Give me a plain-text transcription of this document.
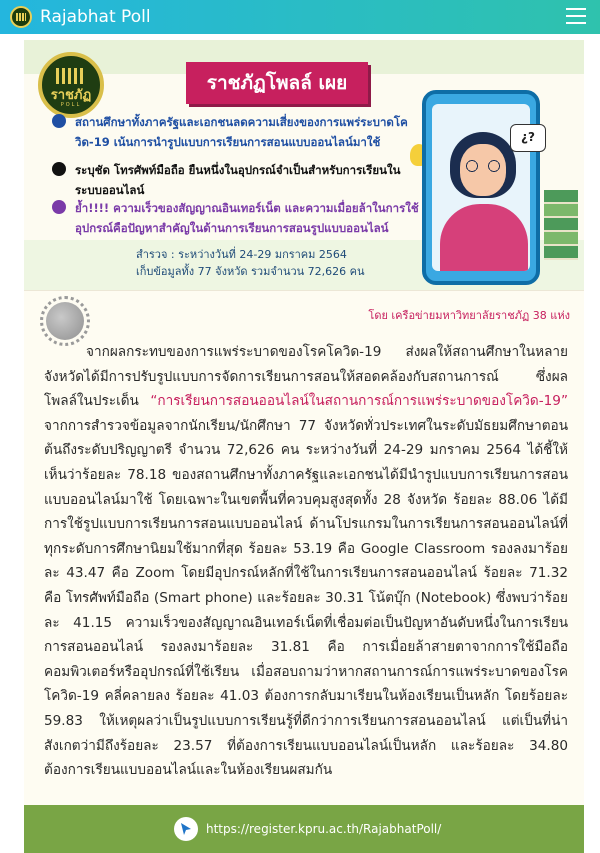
Rajabhat Poll
ราชภัฏ
POLL
ราชภัฏโพลล์ เผย
สถานศึกษาทั้งภาครัฐและเอกชนลดความเสี่ยงของการแพร่ระบาดโควิด-19 เน้นการนำรูปแบบการเรียนการสอนแบบออนไลน์มาใช้
ระบุชัด โทรศัพท์มือถือ ยืนหนึ่งในอุปกรณ์จำเป็นสำหรับการเรียนในระบบออนไลน์
ย้ำ!!!! ความเร็วของสัญญาณอินเทอร์เน็ต และความเมื่อยล้าในการใช้อุปกรณ์คือปัญหาสำคัญในด้านการเรียนการสอนรูปแบบออนไลน์
สำรวจ : ระหว่างวันที่ 24-29 มกราคม 2564
เก็บข้อมูลทั้ง 77 จังหวัด รวมจำนวน 72,626 คน
¿?
โดย เครือข่ายมหาวิทยาลัยราชภัฏ 38 แห่ง

จากผลกระทบของการแพร่ระบาดของโรคโควิด-19 ส่งผลให้สถานศึกษาในหลายจังหวัดได้มีการปรับรูปแบบการจัดการเรียนการสอนให้สอดคล้องกับสถานการณ์ ซึ่งผลโพลล์ในประเด็น “การเรียนการสอนออนไลน์ในสถานการณ์การแพร่ระบาดของโควิด-19” จากการสำรวจข้อมูลจากนักเรียน/นักศึกษา 77 จังหวัดทั่วประเทศในระดับมัธยมศึกษาตอนต้นถึงระดับปริญญาตรี จำนวน 72,626 คน ระหว่างวันที่ 24-29 มกราคม 2564 ได้ชี้ให้เห็นว่าร้อยละ 78.18 ของสถานศึกษาทั้งภาครัฐและเอกชนได้มีนำรูปแบบการเรียนการสอนแบบออนไลน์มาใช้ โดยเฉพาะในเขตพื้นที่ควบคุมสูงสุดทั้ง 28 จังหวัด ร้อยละ 88.06 ได้มีการใช้รูปแบบการเรียนการสอนแบบออนไลน์ ด้านโปรแกรมในการเรียนการสอนออนไลน์ที่ทุกระดับการศึกษานิยมใช้มากที่สุด ร้อยละ 53.19 คือ Google Classroom รองลงมาร้อยละ 43.47 คือ Zoom โดยมีอุปกรณ์หลักที่ใช้ในการเรียนการสอนออนไลน์ ร้อยละ 71.32 คือ โทรศัพท์มือถือ (Smart phone) และร้อยละ 30.31 โน้ตบุ๊ก (Notebook) ซึ่งพบว่าร้อยละ 41.15 ความเร็วของสัญญาณอินเทอร์เน็ตที่เชื่อมต่อเป็นปัญหาอันดับหนึ่งในการเรียนการสอนออนไลน์ รองลงมาร้อยละ 31.81 คือ การเมื่อยล้าสายตาจากการใช้มือถือคอมพิวเตอร์หรืออุปกรณ์ที่ใช้เรียน เมื่อสอบถามว่าหากสถานการณ์การแพร่ระบาดของโรคโควิด-19 คลี่คลายลง ร้อยละ 41.03 ต้องการกลับมาเรียนในห้องเรียนเป็นหลัก โดยร้อยละ 59.83 ให้เหตุผลว่าเป็นรูปแบบการเรียนรู้ที่ดีกว่าการเรียนการสอนออนไลน์ แต่เป็นที่น่าสังเกตว่ามีถึงร้อยละ 23.57 ที่ต้องการเรียนแบบออนไลน์เป็นหลัก และร้อยละ 34.80 ต้องการเรียนแบบออนไลน์และในห้องเรียนผสมกัน

https://register.kpru.ac.th/RajabhatPoll/
